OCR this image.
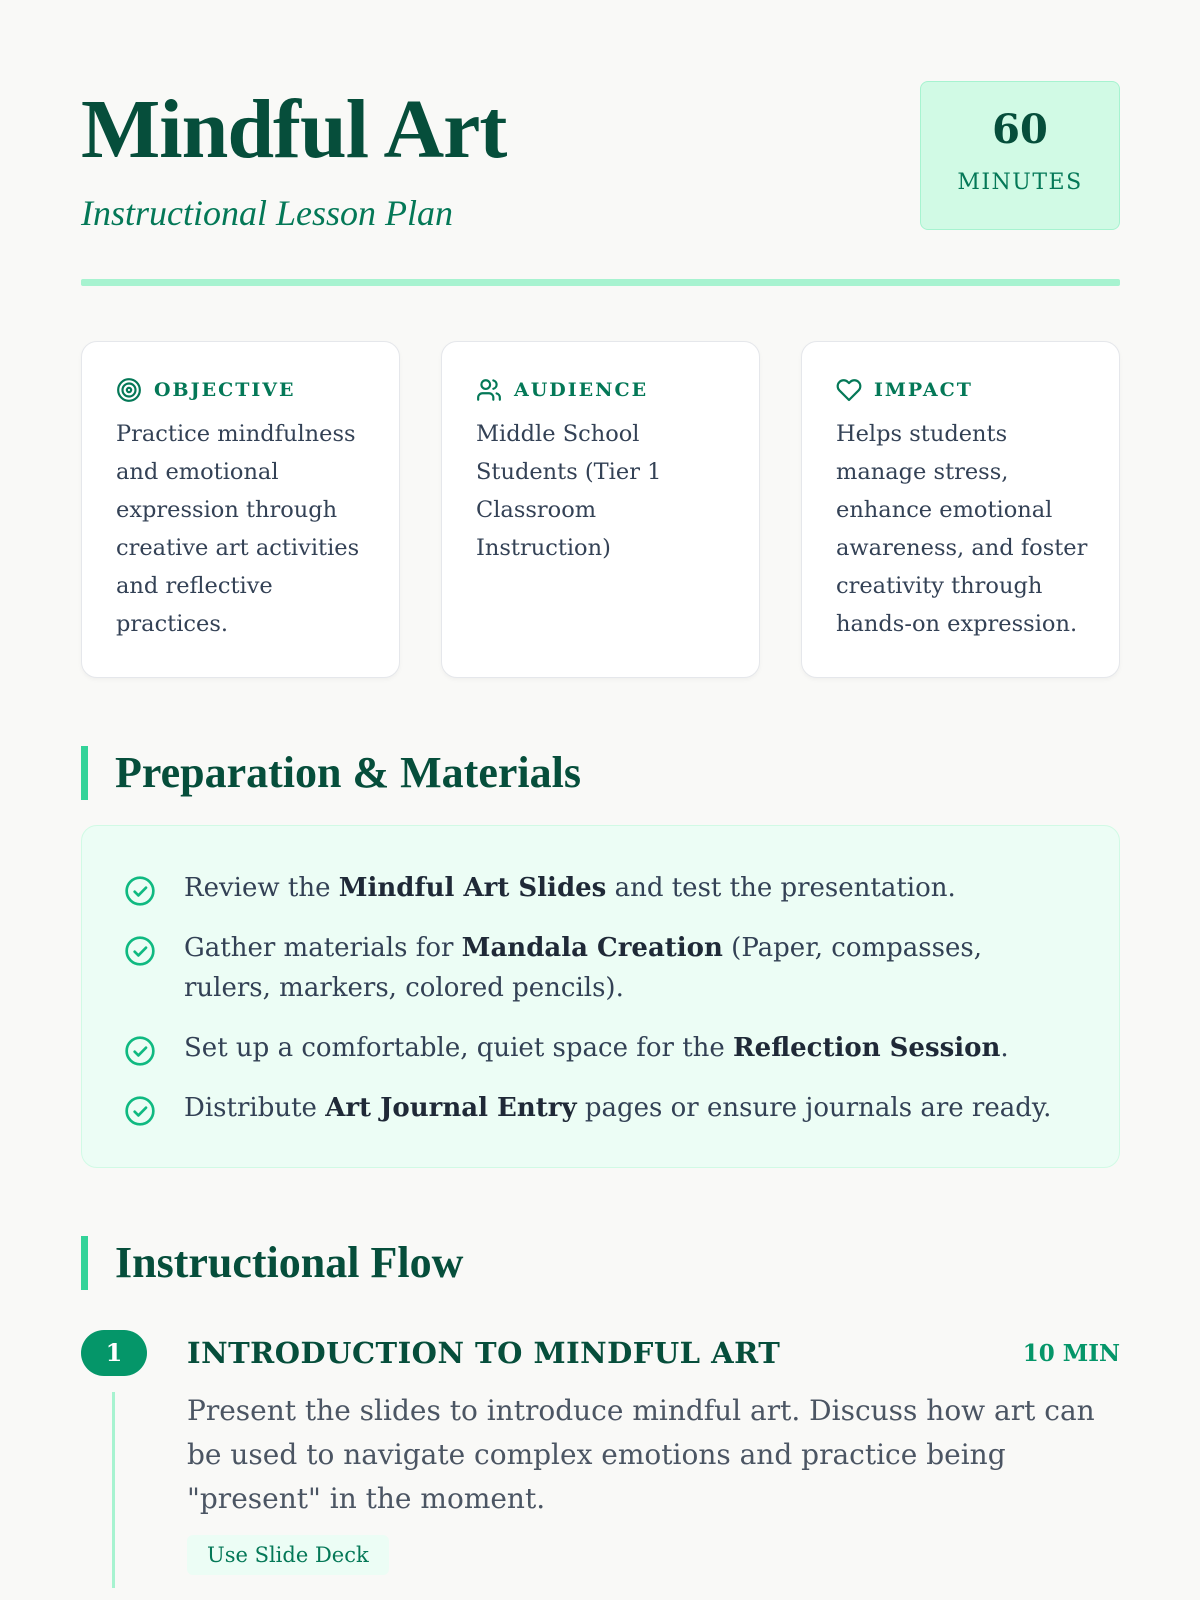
Mindful Art
Instructional Lesson Plan
60
MINUTES
OBJECTIVE
Practice mindfulness and emotional expression through creative art activities and reflective practices.
AUDIENCE
Middle School Students (Tier 1 Classroom Instruction)
IMPACT
Helps students manage stress, enhance emotional awareness, and foster creativity through hands-on expression.
Preparation & Materials
Review the Mindful Art Slides and test the presentation.
Gather materials for Mandala Creation (Paper, compasses, rulers, markers, colored pencils).
Set up a comfortable, quiet space for the Reflection Session.
Distribute Art Journal Entry pages or ensure journals are ready.
Instructional Flow
1	INTRODUCTION TO MINDFUL ART	10 MIN
Present the slides to introduce mindful art. Discuss how art can be used to navigate complex emotions and practice being "present" in the moment.
Use Slide Deck
